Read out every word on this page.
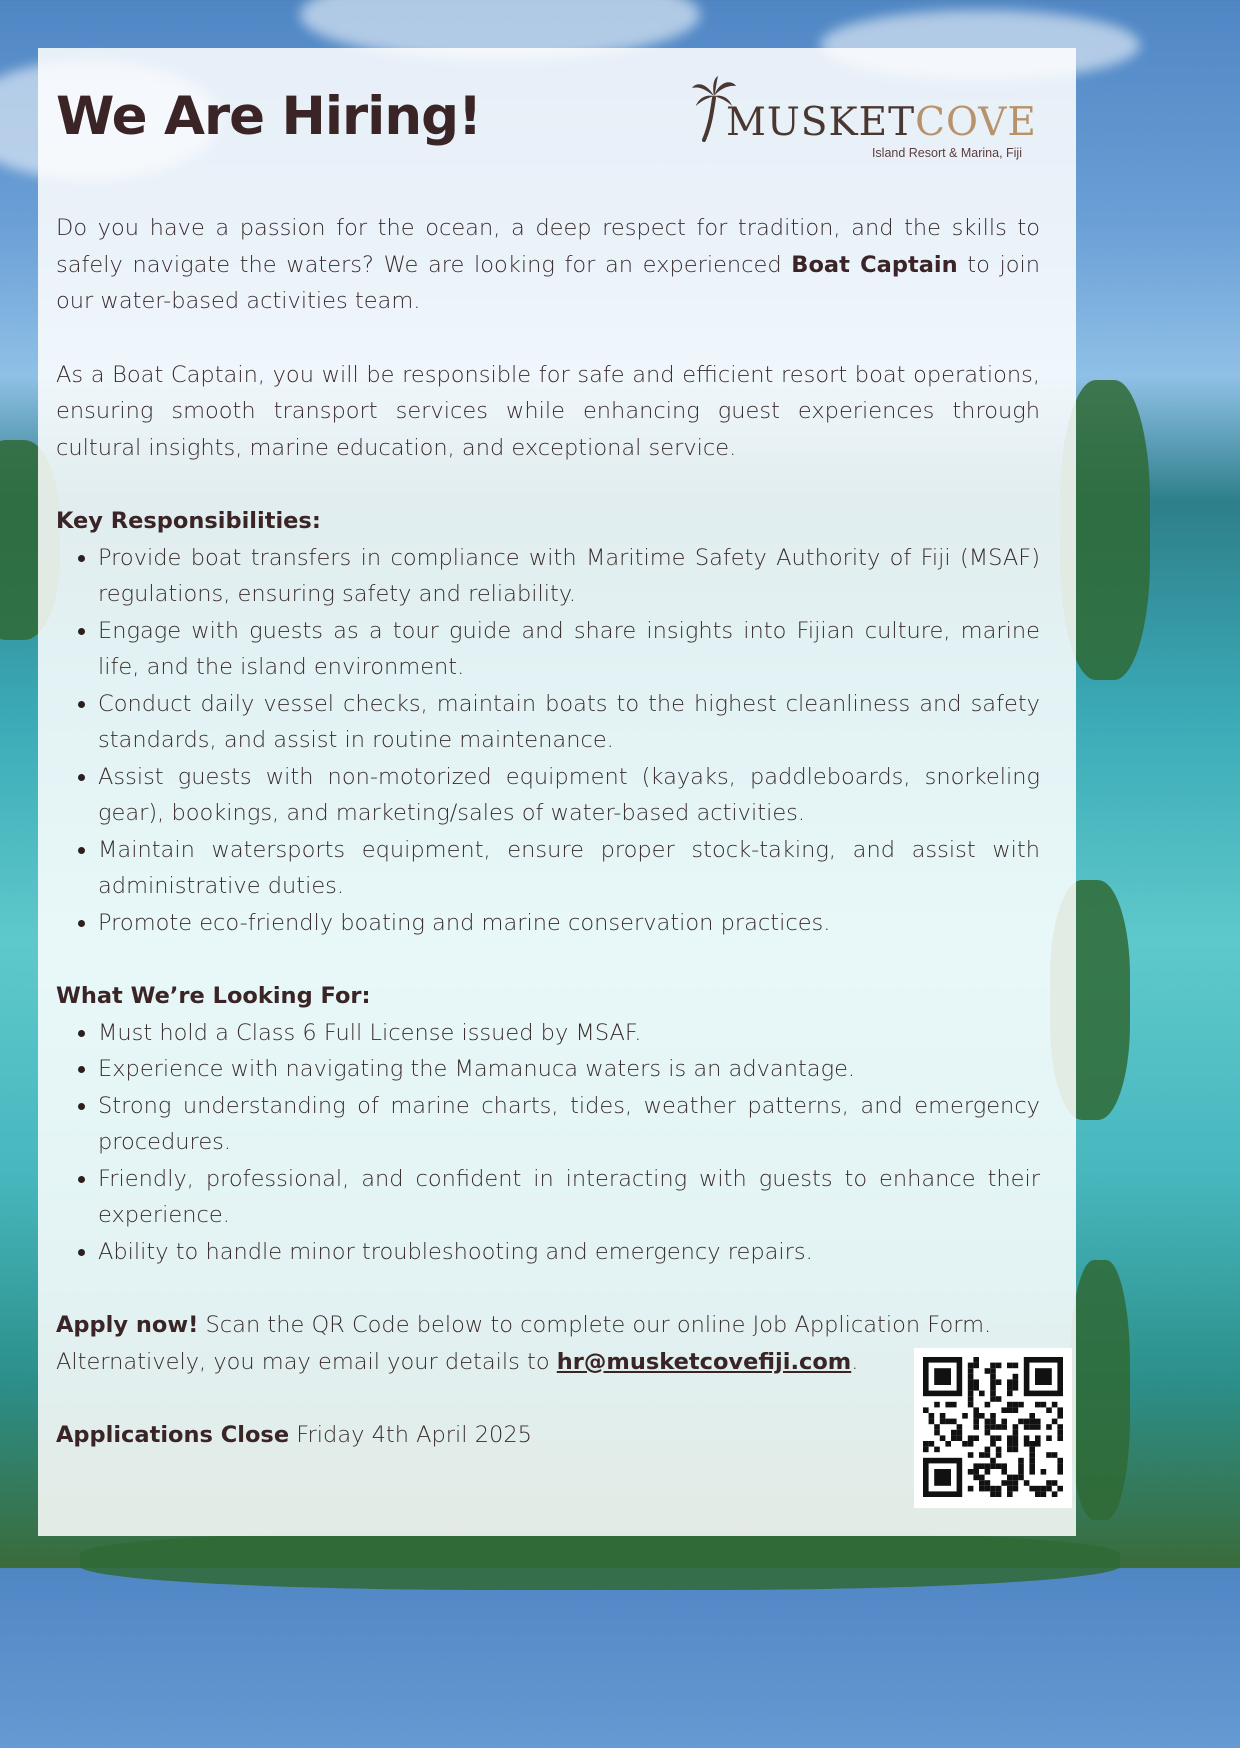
We Are Hiring!	MUSKETCOVE
Island Resort & Marina, Fiji

Do you have a passion for the ocean, a deep respect for tradition, and the skills to safely navigate the waters? We are looking for an experienced Boat Captain to join our water-based activities team.

As a Boat Captain, you will be responsible for safe and efficient resort boat operations, ensuring smooth transport services while enhancing guest experiences through cultural insights, marine education, and exceptional service.

Key Responsibilities:
• Provide boat transfers in compliance with Maritime Safety Authority of Fiji (MSAF) regulations, ensuring safety and reliability.
• Engage with guests as a tour guide and share insights into Fijian culture, marine life, and the island environment.
• Conduct daily vessel checks, maintain boats to the highest cleanliness and safety standards, and assist in routine maintenance.
• Assist guests with non-motorized equipment (kayaks, paddleboards, snorkeling gear), bookings, and marketing/sales of water-based activities.
• Maintain watersports equipment, ensure proper stock-taking, and assist with administrative duties.
• Promote eco-friendly boating and marine conservation practices.
What We’re Looking For:
• Must hold a Class 6 Full License issued by MSAF.
• Experience with navigating the Mamanuca waters is an advantage.
• Strong understanding of marine charts, tides, weather patterns, and emergency procedures.
• Friendly, professional, and confident in interacting with guests to enhance their experience.
• Ability to handle minor troubleshooting and emergency repairs.

Apply now! Scan the QR Code below to complete our online Job Application Form.
Alternatively, you may email your details to hr@musketcovefiji.com.

Applications Close Friday 4th April 2025
